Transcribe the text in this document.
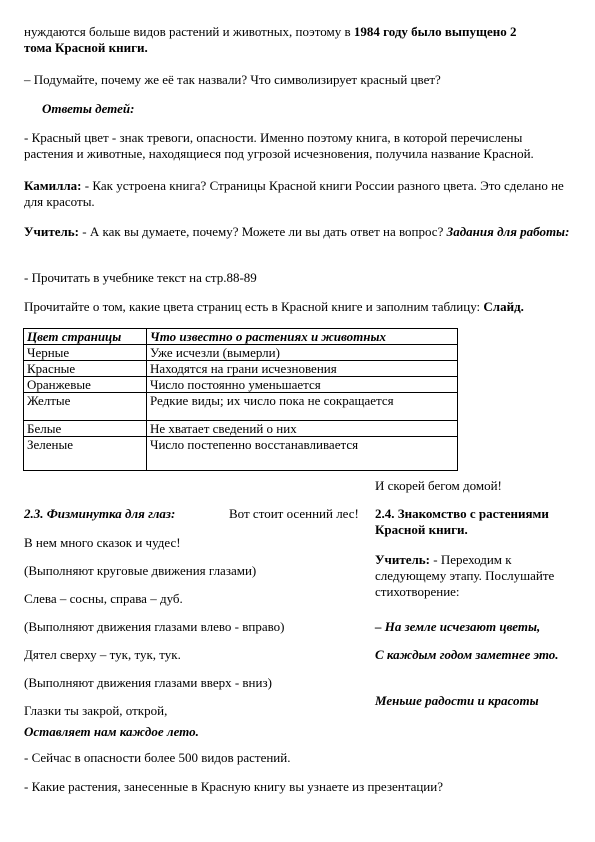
нуждаются больше видов растений и животных, поэтому в 1984 году было выпущено 2
тома Красной книги.

– Подумайте, почему же её так назвали? Что символизирует красный цвет?

Ответы детей:

- Красный цвет - знак тревоги, опасности. Именно поэтому книга, в которой перечислены растения и животные, находящиеся под угрозой исчезновения, получила название Красной.

Камилла: - Как устроена книга? Страницы Красной книги России разного цвета. Это сделано не для красоты.

Учитель: - А как вы думаете, почему? Можете ли вы дать ответ на вопрос? Задания для работы:

- Прочитать в учебнике текст на стр.88-89

Прочитайте о том, какие цвета страниц есть в Красной книге и заполним таблицу: Слайд.

Цвет страницы	Что известно о растениях и животных
Черные	Уже исчезли (вымерли)
Красные	Находятся на грани исчезновения
Оранжевые	Число постоянно уменьшается
Желтые	Редкие виды; их число пока не сокращается
Белые	Не хватает сведений о них
Зеленые	Число постепенно восстанавливается

И скорей бегом домой!

2.3. Физминутка для глаз:	Вот стоит осенний лес!

В нем много сказок и чудес!

(Выполняют круговые движения глазами)

Слева – сосны, справа – дуб.

(Выполняют движения глазами влево - вправо)

Дятел сверху – тук, тук, тук.

(Выполняют движения глазами вверх - вниз)

Глазки ты закрой, открой,

Оставляет нам каждое лето.

2.4. Знакомство с растениями Красной книги.

Учитель: - Переходим к следующему этапу. Послушайте стихотворение:

– На земле исчезают цветы,

С каждым годом заметнее это.

Меньше радости и красоты

- Сейчас в опасности более 500 видов растений.

- Какие растения, занесенные в Красную книгу вы узнаете из презентации?
